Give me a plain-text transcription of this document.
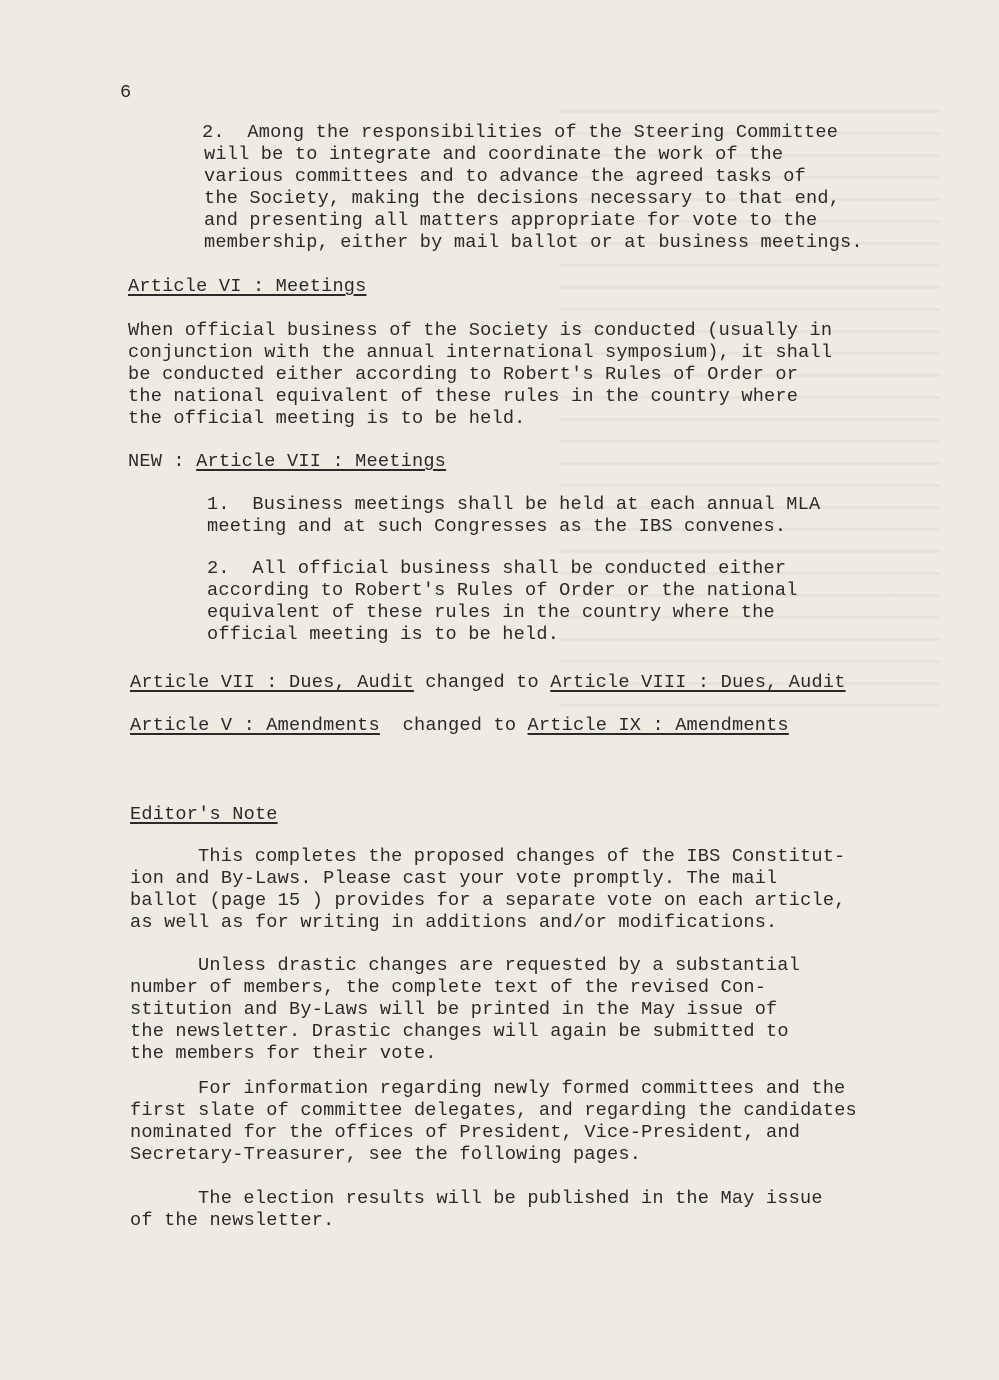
6

2.  Among the responsibilities of the Steering Committee

will be to integrate and coordinate the work of the

various committees and to advance the agreed tasks of

the Society, making the decisions necessary to that end,

and presenting all matters appropriate for vote to the

membership, either by mail ballot or at business meetings.

Article VI : Meetings

When official business of the Society is conducted (usually in

conjunction with the annual international symposium), it shall

be conducted either according to Robert's Rules of Order or

the national equivalent of these rules in the country where

the official meeting is to be held.

NEW : Article VII : Meetings

1.  Business meetings shall be held at each annual MLA

meeting and at such Congresses as the IBS convenes.

2.  All official business shall be conducted either

according to Robert's Rules of Order or the national

equivalent of these rules in the country where the

official meeting is to be held.

Article VII : Dues, Audit changed to Article VIII : Dues, Audit

Article V : Amendments  changed to Article IX : Amendments

Editor's Note

This completes the proposed changes of the IBS Constitut-

ion and By-Laws. Please cast your vote promptly. The mail

ballot (page 15 ) provides for a separate vote on each article,

as well as for writing in additions and/or modifications.

Unless drastic changes are requested by a substantial

number of members, the complete text of the revised Con-

stitution and By-Laws will be printed in the May issue of

the newsletter. Drastic changes will again be submitted to

the members for their vote.

For information regarding newly formed committees and the

first slate of committee delegates, and regarding the candidates

nominated for the offices of President, Vice-President, and

Secretary-Treasurer, see the following pages.

The election results will be published in the May issue

of the newsletter.
